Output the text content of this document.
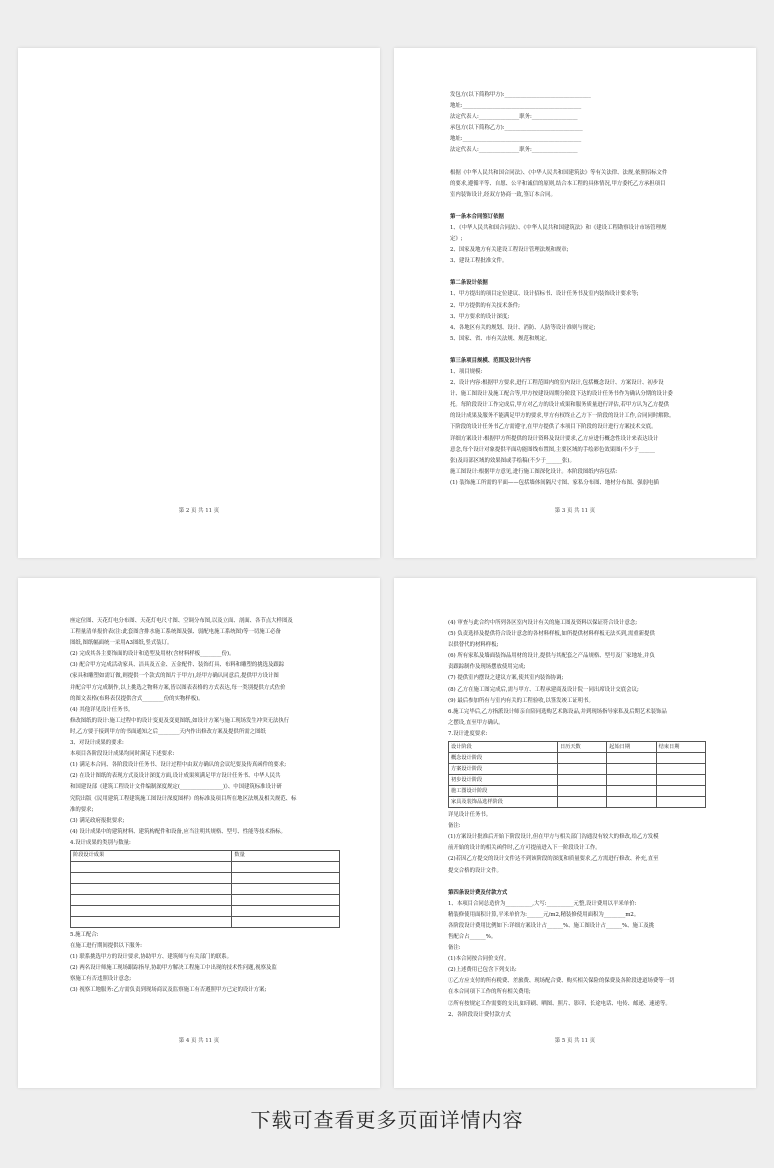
第 2 页 共 11 页
发包方(以下简称甲方):________________________________
地址:____________________________________________
法定代表人:_______________职务:_________________
承包方(以下简称乙方):_____________________________
地址:____________________________________________
法定代表人:_______________职务:_________________
根据《中华人民共和国合同法》、《中华人民共和国建筑法》等有关法律、法规,依照招标文件
的要求,遵循平等、自愿、公平和诚信的原则,结合本工程的具体情况,甲方委托乙方承担项目
室内装饰设计,经双方协商一致,签订本合同。
第一条本合同签订依据
1、《中华人民共和国合同法》、《中华人民共和国建筑法》和《建设工程勘察设计市场管理规
定》;
2、国家及地方有关建设工程设计管理法规和规章;
3、建设工程批准文件。
第二条设计依据
1、甲方提出的项目定位建议、设计招标书、设计任务书及室内装饰设计要求等;
2、甲方提供的有关技术条件;
3、甲方要求的设计深度;
4、各地区有关的规划、设计、消防、人防等设计准则与规定;
5、国家、省、市有关法规、规范和规定。
第三条项目规模、范围及设计内容
1、项目规模:
2、设计内容:根据甲方要求,进行工程范围内的室内设计,包括概念设计、方案设计、初步设
计、施工图设计及施工配合等,甲方按建设周期分阶段下达的设计任务书作为确认分期的设计委
托。每阶段设计工作完成后,甲方对乙方的设计成果和服务质量进行评估,若甲方认为乙方提供
的设计成果及服务不能满足甲方的要求,甲方有权终止乙方下一阶段的设计工作,合同同时解除。
下阶段的设计任务书乙方需遵守,在甲方提供了本项目下阶段的设计进行方案技术交底。
详细方案设计:根据甲方所提供的设计资料及设计要求,乙方应进行概念性设计来表达设计
意念,每个设计对象提供平面功能图线布置图,主要区域的手绘彩色效果图(不少于______
张)及局部区域的效果图或手绘稿(不少于______张)。
施工图设计:根据甲方意见,进行施工图深化设计。本阶段图纸内容包括:
(1) 装饰施工所需的平面——包括墙体间隔尺寸图、家私分布图、地材分布图、强弱电插
第 3 页 共 11 页
座定位图、天花灯电分布图、天花灯电尺寸图、空调分布图,以及立面、剖面、各节点大样图及
工程量清单报价表(注:此套图含排水施工系统图及强、弱配电施工系统图)等一切施工必备
图纸,图纸幅面统一采用A3图纸,竖式装订。
(2) 完成其各主要饰面的设计和造型及用材(含材料样板________份)。
(3) 配合甲方完成活动家具、洁具及五金、五金配件、装饰灯具、布料和雕塑的挑选及跟踪
(家具和雕塑如需订做,则提供一个款式的图片于甲方),经甲方确认同意后,提供甲方设计图
并配合甲方完成制作,以上挑选之物料方案,皆以图表表格的方式表达,每一类别提供方式佐价
的图文表格(布料表仅提供含式________份的实物样板)。
(4) 其他详见设计任务书。
修改图纸的设计:施工过程中的设计变更及变更图纸,如设计方案与施工现场发生冲突无法执行
时,乙方要于接到甲方的书面通知之后________天内作出修改方案及提供所需之图纸
3、对设计成果的要求:
本项目各阶段设计成果均同时满足下述要求:
(1) 满足本合同、各阶段设计任务书、设计过程中由双方确认的会议纪要及传真函件的要求;
(2) 在设计图纸的表现方式及设计深度方面,设计成果须满足甲方设计任务书、中华人民共
和国建设部《建筑工程设计文件编制深度规定(________________)》、中国建筑标准设计研
究院出版《民用建筑工程建筑施工图设计深度图样》的标准及项目所在地区法规及相关规范、标
准的要求;
(3) 满足政府报批要求;
(4) 设计成果中的建筑材料、建筑构配件和设备,应当注明其规格、型号、性能等技术指标。
4.设计成果的类别与数量:
阶段设计成果	数量

5.施工配合:
在施工进行期间提供以下服务:
(1) 联系挑选甲方的设计要求,协助甲方、建筑师与有关部门的联系。
(2) 两名设计师施工现场跟踪指导,协助甲方解决工程施工中出现的技术性问题,视察及监
察施工有否违照设计意念;
(3) 视察工地服务:乙方需负责到现场商议及监察施工有否遵照甲方已定的设计方案;
第 4 页 共 11 页
(4) 审查与此合约中所列各区室内设计有关的施工图及资料以保证符合设计意念;
(5) 负责选择及提供符合设计意念的各材料样板,如所提供材料样板无法买到,需重新提供
以供替代的材料样板;
(6) 所有家私及墙面装饰品用材的设计,提供与其配套之产品规格、型号及厂家地址,并负
责跟踪制作及现场摆放使用完成;
(7) 提供室内摆设之建议方案,使其室内装饰协调;
(8) 乙方在施工图完成后,需与甲方、工程承建商及设计院一同出席设计交底会议;
(9) 最后参加所有与室内有关的工程验收,以签发竣工证明书。
6.施工完毕后,乙方指派设计师亲自陪同选购艺术陈设品,并到现场指导家私及后期艺术装饰品
之摆设,直至甲方确认。
7.设计进度要求:
设计阶段	日历天数	起始日期	结束日期
概念设计阶段			
方案设计阶段			
初步设计阶段			
施工图设计阶段			
家具及装饰品选样阶段			
详见设计任务书。
备注:
(1)方案设计批准后开始下阶段设计,但在甲方与相关部门沟通没有较大的修改,给乙方发模
前开始的设计的相关函件时,乙方可提前进入下一阶段设计工作。
(2)若因乙方提交的设计文件达不到该阶段的深度和质量要求,乙方需进行修改、补充,直至
提交合格的设计文件。
第四条设计费及付款方式
1、本项目合同总造价为__________,大写:__________元整,设计费用以平米单价:
精装修使用面积计算,平米单价为:______元/m2,精装修使用面积为________m2。
各阶段设计费用比例如下:详细方案设计占______%、施工图设计占______%、施工及挑
售配合占______%。
备注:
(1)本合同按合同价支付。
(2)上述费用已包含下列支出:
①乙方应支付的所有税费、差旅费、现场配合费、购买相关保险的保费及各阶段进道场费等一切
在本合同项下工作的所有相关费用;
②所有按规定工作需要的支出,如印刷、晒图、照片、影印、长途电话、电传、邮递、速递等。
2、各阶段设计费付款方式
第 5 页 共 11 页
下载可查看更多页面详情内容
